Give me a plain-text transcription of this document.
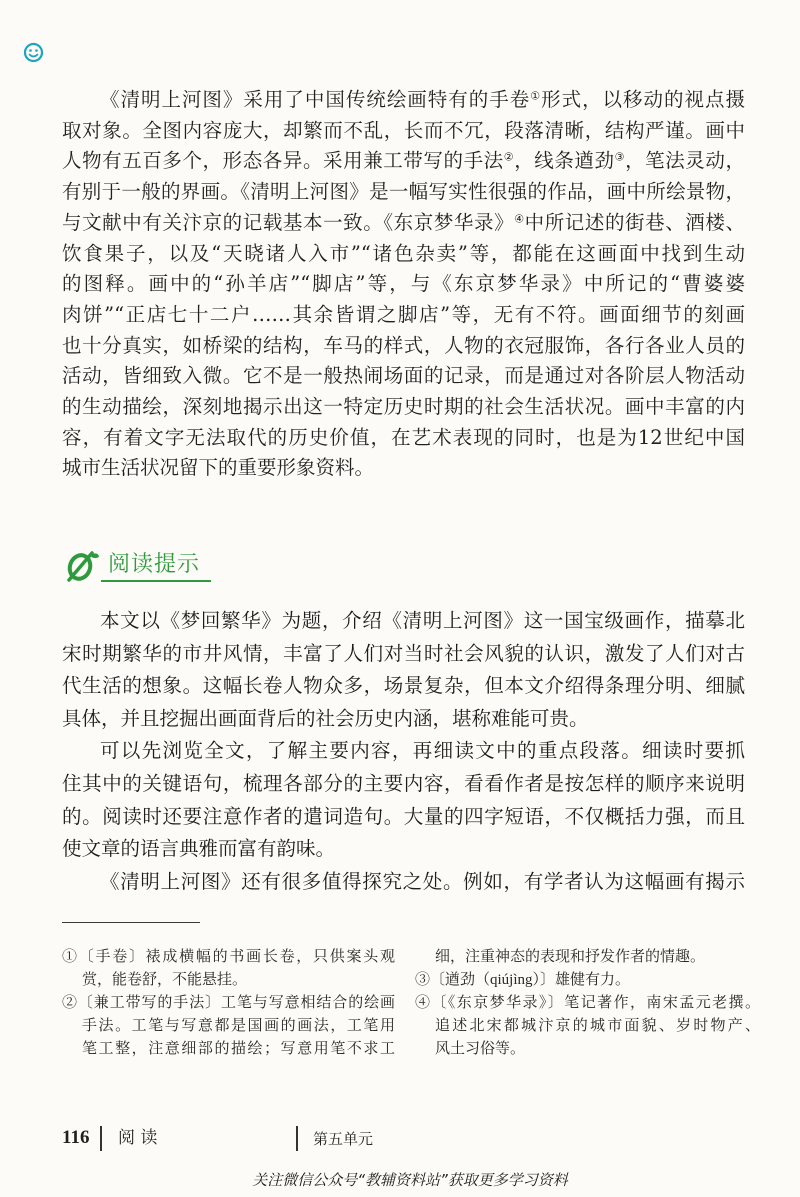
《清明上河图》采用了中国传统绘画特有的手卷①形式，以移动的视点摄
取对象。全图内容庞大，却繁而不乱，长而不冗，段落清晰，结构严谨。画中
人物有五百多个，形态各异。采用兼工带写的手法②，线条遒劲③，笔法灵动，
有别于一般的界画。《清明上河图》是一幅写实性很强的作品，画中所绘景物，
与文献中有关汴京的记载基本一致。《东京梦华录》④中所记述的街巷、酒楼、
饮食果子，以及“天晓诸人入市”“诸色杂卖”等，都能在这画面中找到生动
的图释。画中的“孙羊店”“脚店”等，与《东京梦华录》中所记的“曹婆婆
肉饼”“正店七十二户……其余皆谓之脚店”等，无有不符。画面细节的刻画
也十分真实，如桥梁的结构，车马的样式，人物的衣冠服饰，各行各业人员的
活动，皆细致入微。它不是一般热闹场面的记录，而是通过对各阶层人物活动
的生动描绘，深刻地揭示出这一特定历史时期的社会生活状况。画中丰富的内
容，有着文字无法取代的历史价值，在艺术表现的同时，也是为12世纪中国
城市生活状况留下的重要形象资料。
阅读提示
本文以《梦回繁华》为题，介绍《清明上河图》这一国宝级画作，描摹北
宋时期繁华的市井风情，丰富了人们对当时社会风貌的认识，激发了人们对古
代生活的想象。这幅长卷人物众多，场景复杂，但本文介绍得条理分明、细腻
具体，并且挖掘出画面背后的社会历史内涵，堪称难能可贵。
可以先浏览全文，了解主要内容，再细读文中的重点段落。细读时要抓
住其中的关键语句，梳理各部分的主要内容，看看作者是按怎样的顺序来说明
的。阅读时还要注意作者的遣词造句。大量的四字短语，不仅概括力强，而且
使文章的语言典雅而富有韵味。
《清明上河图》还有很多值得探究之处。例如，有学者认为这幅画有揭示
①〔手卷〕裱成横幅的书画长卷，只供案头观
赏，能卷舒，不能悬挂。
②〔兼工带写的手法〕工笔与写意相结合的绘画
手法。工笔与写意都是国画的画法，工笔用
笔工整，注意细部的描绘；写意用笔不求工
细，注重神态的表现和抒发作者的情趣。
③〔遒劲（qiújìng）〕雄健有力。
④〔《东京梦华录》〕笔记著作，南宋孟元老撰。
追述北宋都城汴京的城市面貌、岁时物产、
风土习俗等。
116 阅 读	第五单元
关注微信公众号“教辅资料站”获取更多学习资料
